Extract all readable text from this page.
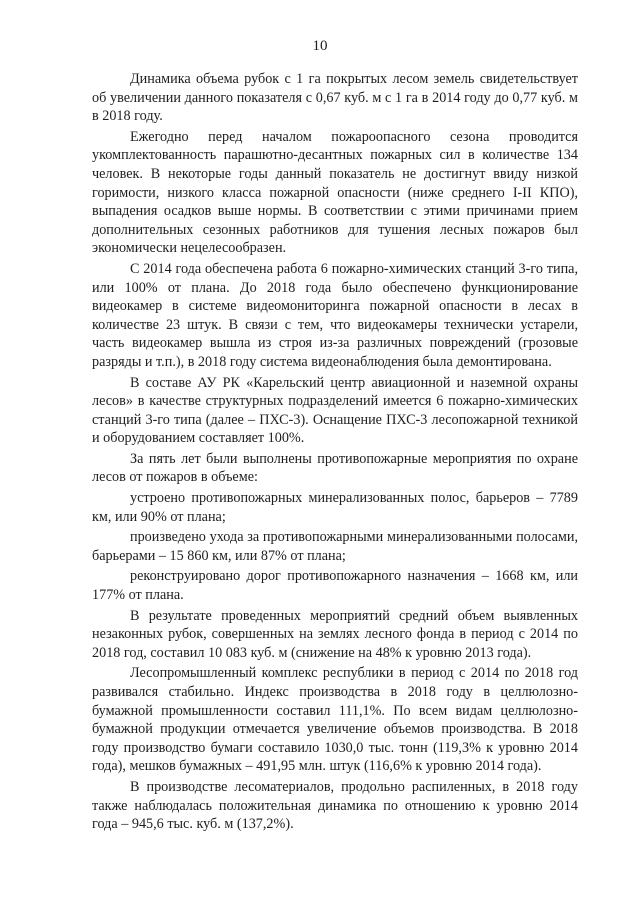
10

Динамика объема рубок с 1 га покрытых лесом земель свидетельствует об увеличении данного показателя с 0,67 куб. м с 1 га в 2014 году до 0,77 куб. м в 2018 году.

Ежегодно перед началом пожароопасного сезона проводится укомплектованность парашютно-десантных пожарных сил в количестве 134 человек. В некоторые годы данный показатель не достигнут ввиду низкой горимости, низкого класса пожарной опасности (ниже среднего I-II КПО), выпадения осадков выше нормы. В соответствии с этими причинами прием дополнительных сезонных работников для тушения лесных пожаров был экономически нецелесообразен.

С 2014 года обеспечена работа 6 пожарно-химических станций 3-го типа, или 100% от плана. До 2018 года было обеспечено функционирование видеокамер в системе видеомониторинга пожарной опасности в лесах в количестве 23 штук. В связи с тем, что видеокамеры технически устарели, часть видеокамер вышла из строя из-за различных повреждений (грозовые разряды и т.п.), в 2018 году система видеонаблюдения была демонтирована.

В составе АУ РК «Карельский центр авиационной и наземной охраны лесов» в качестве структурных подразделений имеется 6 пожарно-химических станций 3-го типа (далее – ПХС-3). Оснащение ПХС-3 лесопожарной техникой и оборудованием составляет 100%.

За пять лет были выполнены противопожарные мероприятия по охране лесов от пожаров в объеме:

устроено противопожарных минерализованных полос, барьеров – 7789 км, или 90% от плана;

произведено ухода за противопожарными минерализованными полосами, барьерами – 15 860 км, или 87% от плана;

реконструировано дорог противопожарного назначения – 1668 км, или 177% от плана.

В результате проведенных мероприятий средний объем выявленных незаконных рубок, совершенных на землях лесного фонда в период с 2014 по 2018 год, составил 10 083 куб. м (снижение на 48% к уровню 2013 года).

Лесопромышленный комплекс республики в период с 2014 по 2018 год развивался стабильно. Индекс производства в 2018 году в целлюлозно-бумажной промышленности составил 111,1%. По всем видам целлюлозно-бумажной продукции отмечается увеличение объемов производства. В 2018 году производство бумаги составило 1030,0 тыс. тонн (119,3% к уровню 2014 года), мешков бумажных – 491,95 млн. штук (116,6% к уровню 2014 года).

В производстве лесоматериалов, продольно распиленных, в 2018 году также наблюдалась положительная динамика по отношению к уровню 2014 года – 945,6 тыс. куб. м (137,2%).
